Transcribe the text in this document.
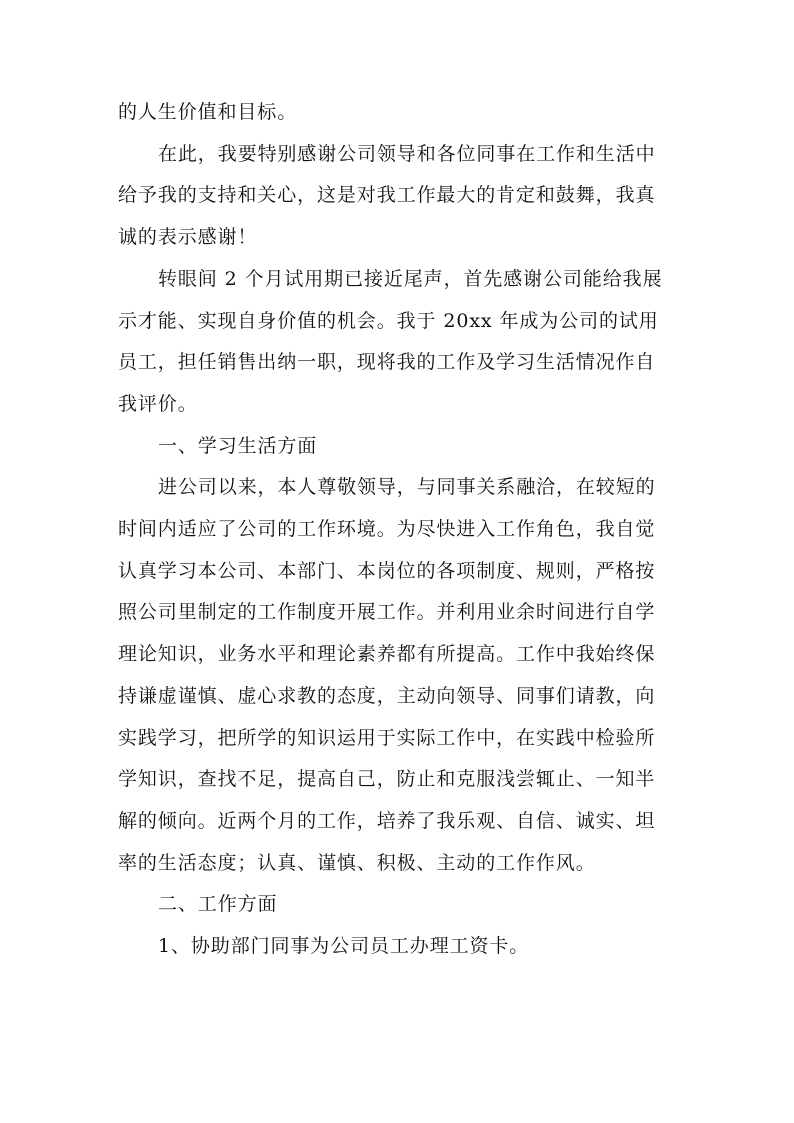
的人生价值和目标。

在此，我要特别感谢公司领导和各位同事在工作和生活中给予我的支持和关心，这是对我工作最大的肯定和鼓舞，我真诚的表示感谢！

转眼间 2 个月试用期已接近尾声，首先感谢公司能给我展示才能、实现自身价值的机会。我于 20xx 年成为公司的试用员工，担任销售出纳一职，现将我的工作及学习生活情况作自我评价。

一、学习生活方面

进公司以来，本人尊敬领导，与同事关系融洽，在较短的时间内适应了公司的工作环境。为尽快进入工作角色，我自觉认真学习本公司、本部门、本岗位的各项制度、规则，严格按照公司里制定的工作制度开展工作。并利用业余时间进行自学理论知识，业务水平和理论素养都有所提高。工作中我始终保持谦虚谨慎、虚心求教的态度，主动向领导、同事们请教，向实践学习，把所学的知识运用于实际工作中，在实践中检验所学知识，查找不足，提高自己，防止和克服浅尝辄止、一知半解的倾向。近两个月的工作，培养了我乐观、自信、诚实、坦率的生活态度；认真、谨慎、积极、主动的工作作风。

二、工作方面

1、协助部门同事为公司员工办理工资卡。
